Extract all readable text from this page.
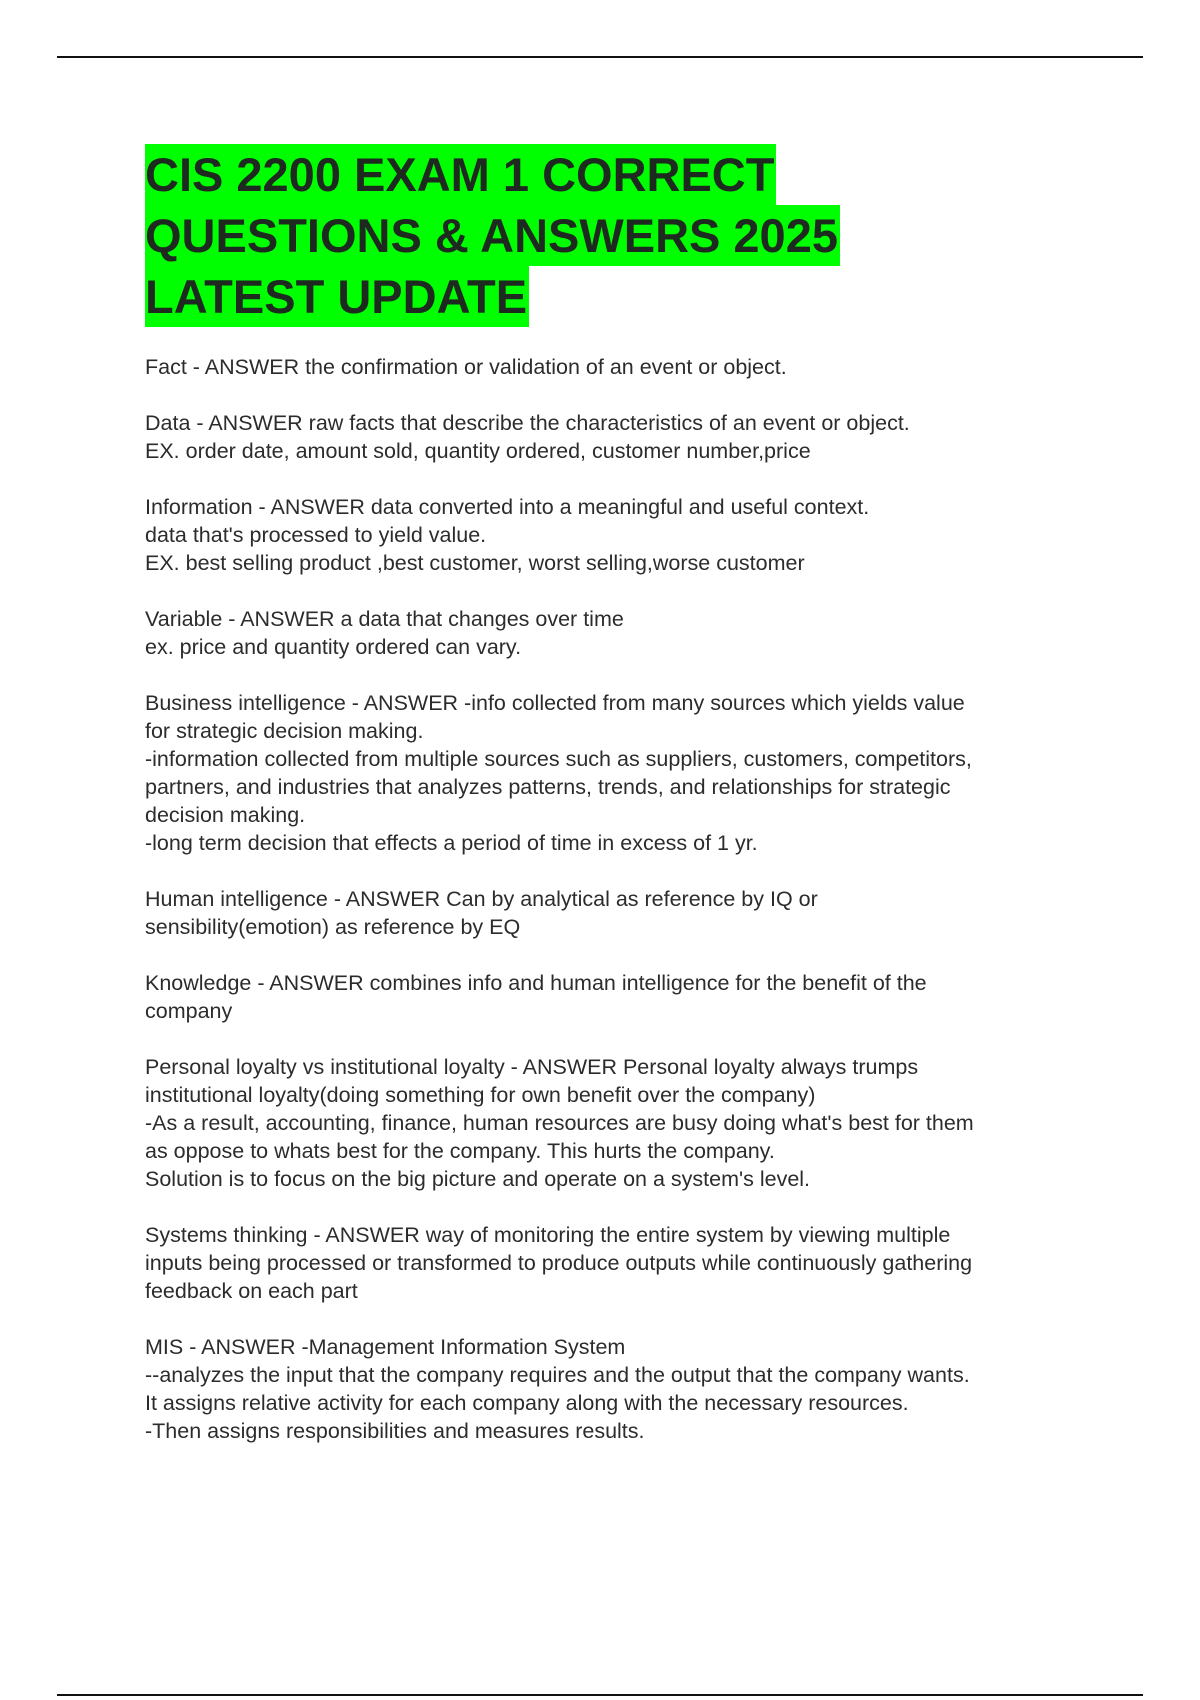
CIS 2200 EXAM 1 CORRECT
QUESTIONS & ANSWERS 2025
LATEST UPDATE
Fact - ANSWER the confirmation or validation of an event or object.
Data - ANSWER raw facts that describe the characteristics of an event or object.
EX. order date, amount sold, quantity ordered, customer number,price
Information - ANSWER data converted into a meaningful and useful context.
data that's processed to yield value.
EX. best selling product ,best customer, worst selling,worse customer
Variable - ANSWER a data that changes over time
ex. price and quantity ordered can vary.
Business intelligence - ANSWER -info collected from many sources which yields value
for strategic decision making.
-information collected from multiple sources such as suppliers, customers, competitors,
partners, and industries that analyzes patterns, trends, and relationships for strategic
decision making.
-long term decision that effects a period of time in excess of 1 yr.
Human intelligence - ANSWER Can by analytical as reference by IQ or
sensibility(emotion) as reference by EQ
Knowledge - ANSWER combines info and human intelligence for the benefit of the
company
Personal loyalty vs institutional loyalty - ANSWER Personal loyalty always trumps
institutional loyalty(doing something for own benefit over the company)
-As a result, accounting, finance, human resources are busy doing what's best for them
as oppose to whats best for the company. This hurts the company.
Solution is to focus on the big picture and operate on a system's level.
Systems thinking - ANSWER way of monitoring the entire system by viewing multiple
inputs being processed or transformed to produce outputs while continuously gathering
feedback on each part
MIS - ANSWER -Management Information System
--analyzes the input that the company requires and the output that the company wants.
It assigns relative activity for each company along with the necessary resources.
-Then assigns responsibilities and measures results.
